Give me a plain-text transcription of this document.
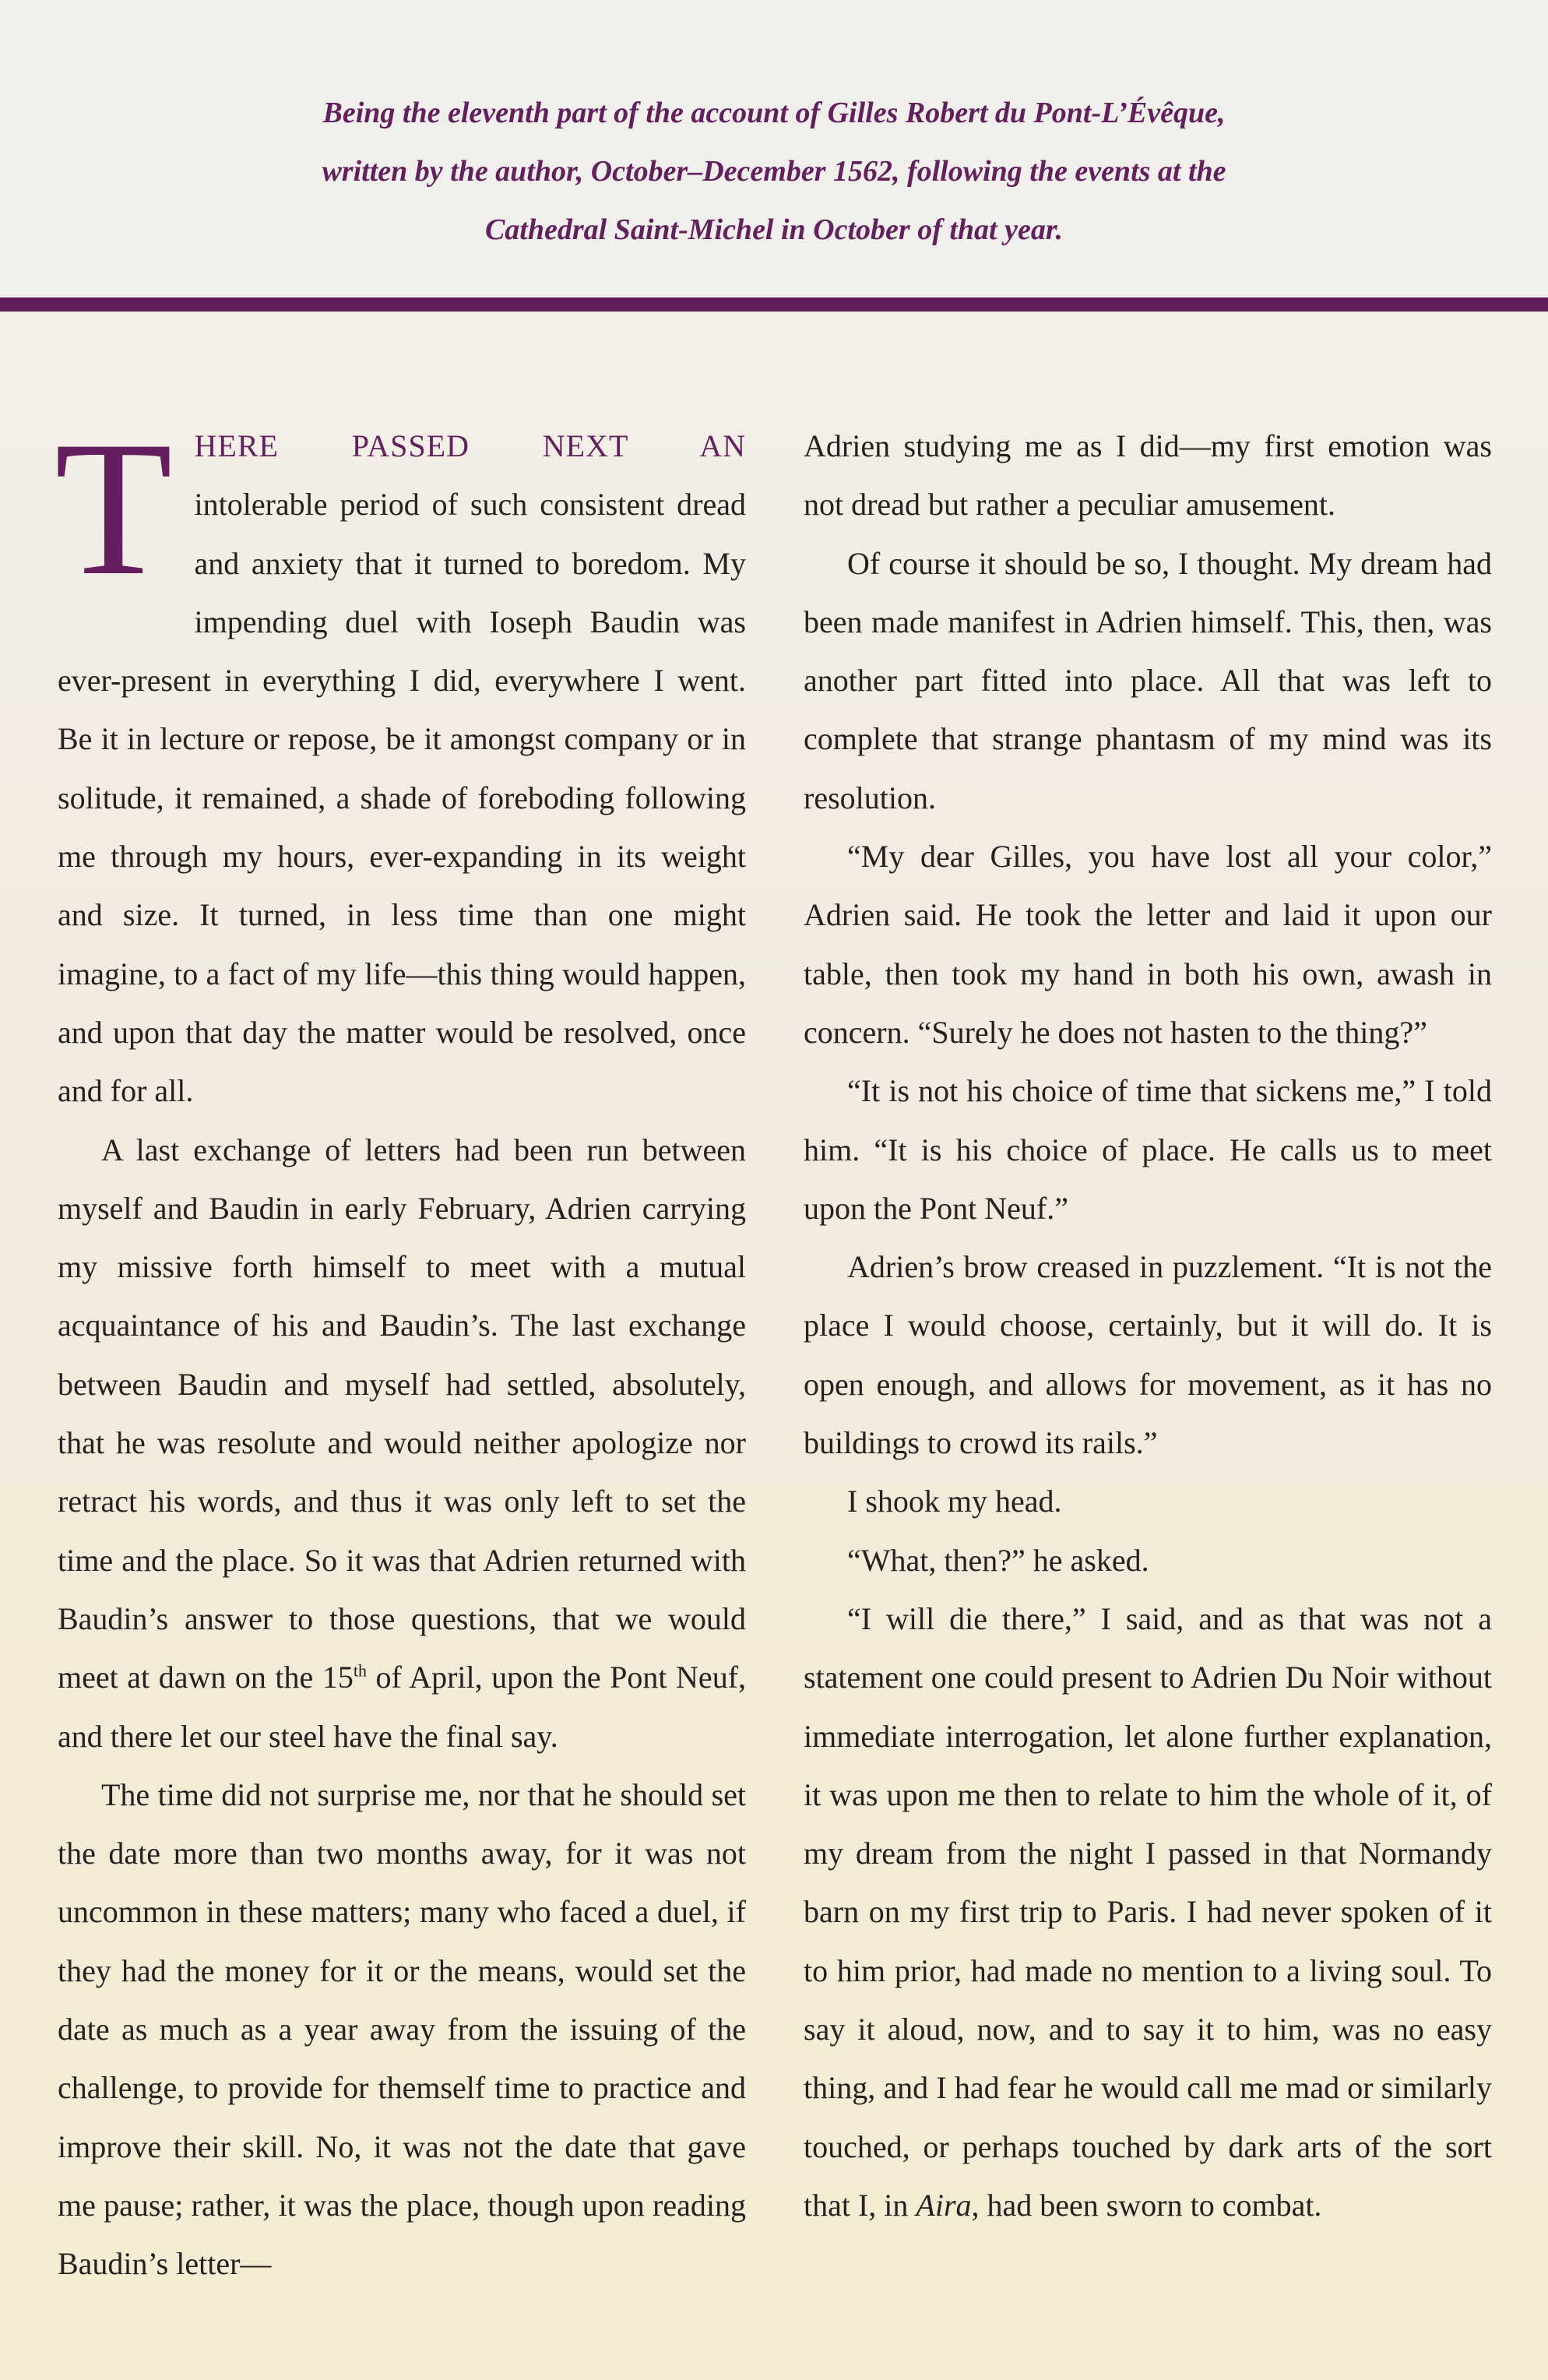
Being the eleventh part of the account of Gilles Robert du Pont-L’Évêque,
written by the author, October–December 1562, following the events at the
Cathedral Saint-Michel in October of that year.

THERE PASSED NEXT AN intolerable period of such consistent dread and anxiety that it turned to boredom. My impending duel with Ioseph Baudin was ever-present in everything I did, everywhere I went. Be it in lecture or repose, be it amongst company or in solitude, it remained, a shade of foreboding following me through my hours, ever-expanding in its weight and size. It turned, in less time than one might imagine, to a fact of my life—this thing would happen, and upon that day the matter would be resolved, once and for all.

A last exchange of letters had been run between myself and Baudin in early February, Adrien carrying my missive forth himself to meet with a mutual acquaintance of his and Baudin’s. The last exchange between Baudin and myself had settled, absolutely, that he was resolute and would neither apologize nor retract his words, and thus it was only left to set the time and the place. So it was that Adrien returned with Baudin’s answer to those questions, that we would meet at dawn on the 15th of April, upon the Pont Neuf, and there let our steel have the final say.

The time did not surprise me, nor that he should set the date more than two months away, for it was not uncommon in these matters; many who faced a duel, if they had the money for it or the means, would set the date as much as a year away from the issuing of the challenge, to provide for themself time to practice and improve their skill. No, it was not the date that gave me pause; rather, it was the place, though upon reading Baudin’s letter—

Adrien studying me as I did—my first emotion was not dread but rather a peculiar amusement.

Of course it should be so, I thought. My dream had been made manifest in Adrien himself. This, then, was another part fitted into place. All that was left to complete that strange phantasm of my mind was its resolution.

“My dear Gilles, you have lost all your color,” Adrien said. He took the letter and laid it upon our table, then took my hand in both his own, awash in concern. “Surely he does not hasten to the thing?”

“It is not his choice of time that sickens me,” I told him. “It is his choice of place. He calls us to meet upon the Pont Neuf.”

Adrien’s brow creased in puzzlement. “It is not the place I would choose, certainly, but it will do. It is open enough, and allows for movement, as it has no buildings to crowd its rails.”

I shook my head.

“What, then?” he asked.

“I will die there,” I said, and as that was not a statement one could present to Adrien Du Noir without immediate interrogation, let alone further explanation, it was upon me then to relate to him the whole of it, of my dream from the night I passed in that Normandy barn on my first trip to Paris. I had never spoken of it to him prior, had made no mention to a living soul. To say it aloud, now, and to say it to him, was no easy thing, and I had fear he would call me mad or similarly touched, or perhaps touched by dark arts of the sort that I, in Aira, had been sworn to combat.
